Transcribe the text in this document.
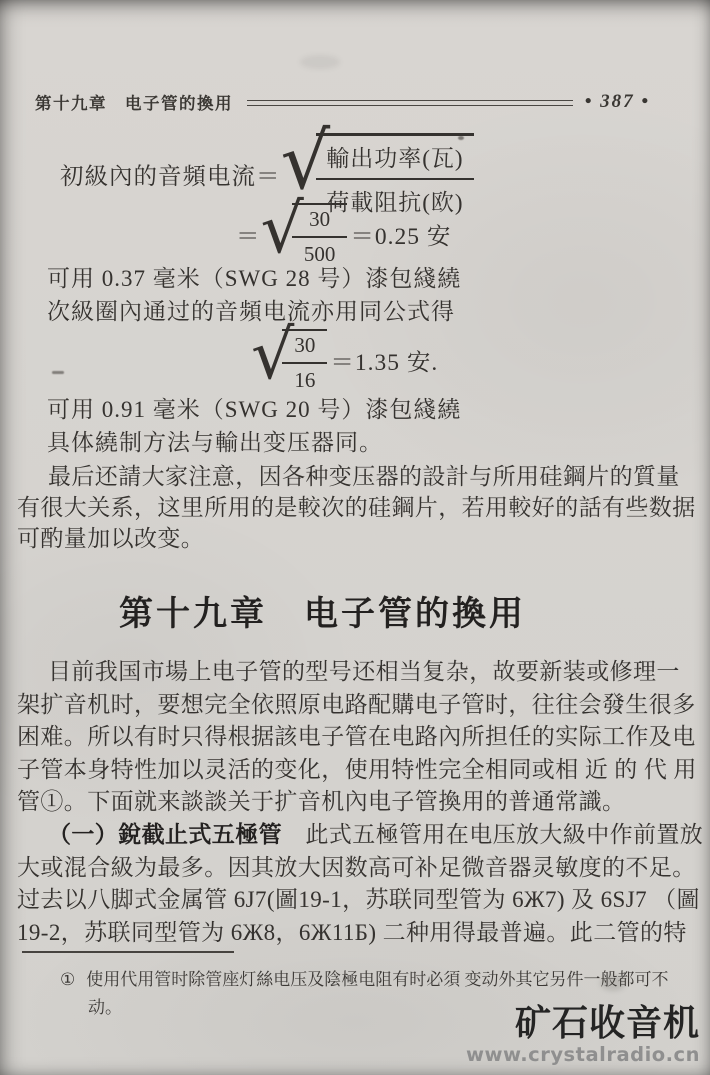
第十九章　电子管的換用	• 387 •
初級內的音頻电流＝ √
$\frac{\text{輸出功率(瓦)}}{\text{荷載阻抗(欧)}}$
＝ √
$\frac{30}{500} =0.25$ 安
可用 0.37 毫米（SWG 28 号）漆包綫繞
次級圈內通过的音頻电流亦用同公式得
√
$\frac{30}{16} =1.35$ 安.
可用 0.91 毫米（SWG 20 号）漆包綫繞
具体繞制方法与輸出变压器同。
最后还請大家注意，因各种变压器的設計与所用硅鋼片的質量
有很大关系，这里所用的是較次的硅鋼片，若用較好的話有些数据
可酌量加以改变。
第十九章　电子管的換用
目前我国市場上电子管的型号还相当复杂，故要新装或修理一
架扩音机时，要想完全依照原电路配購电子管时，往往会發生很多
困难。所以有时只得根据該电子管在电路內所担任的实际工作及电
子管本身特性加以灵活的变化，使用特性完全相同或相 近 的 代 用
管①。下面就来談談关于扩音机內电子管換用的普通常識。
（一）銳截止式五極管　此式五極管用在电压放大級中作前置放
大或混合級为最多。因其放大因数高可补足微音器灵敏度的不足。
过去以八脚式金属管 6J7(圖19-1，苏联同型管为 6Ж7) 及 6SJ7 （圖
19-2，苏联同型管为 6Ж8，6Ж11Б) 二种用得最普遍。此二管的特
① 使用代用管时除管座灯絲电压及陰極电阻有时必須 变动外其它另件一般都可不
动。	矿石收音机
www.crystalradio.cn
